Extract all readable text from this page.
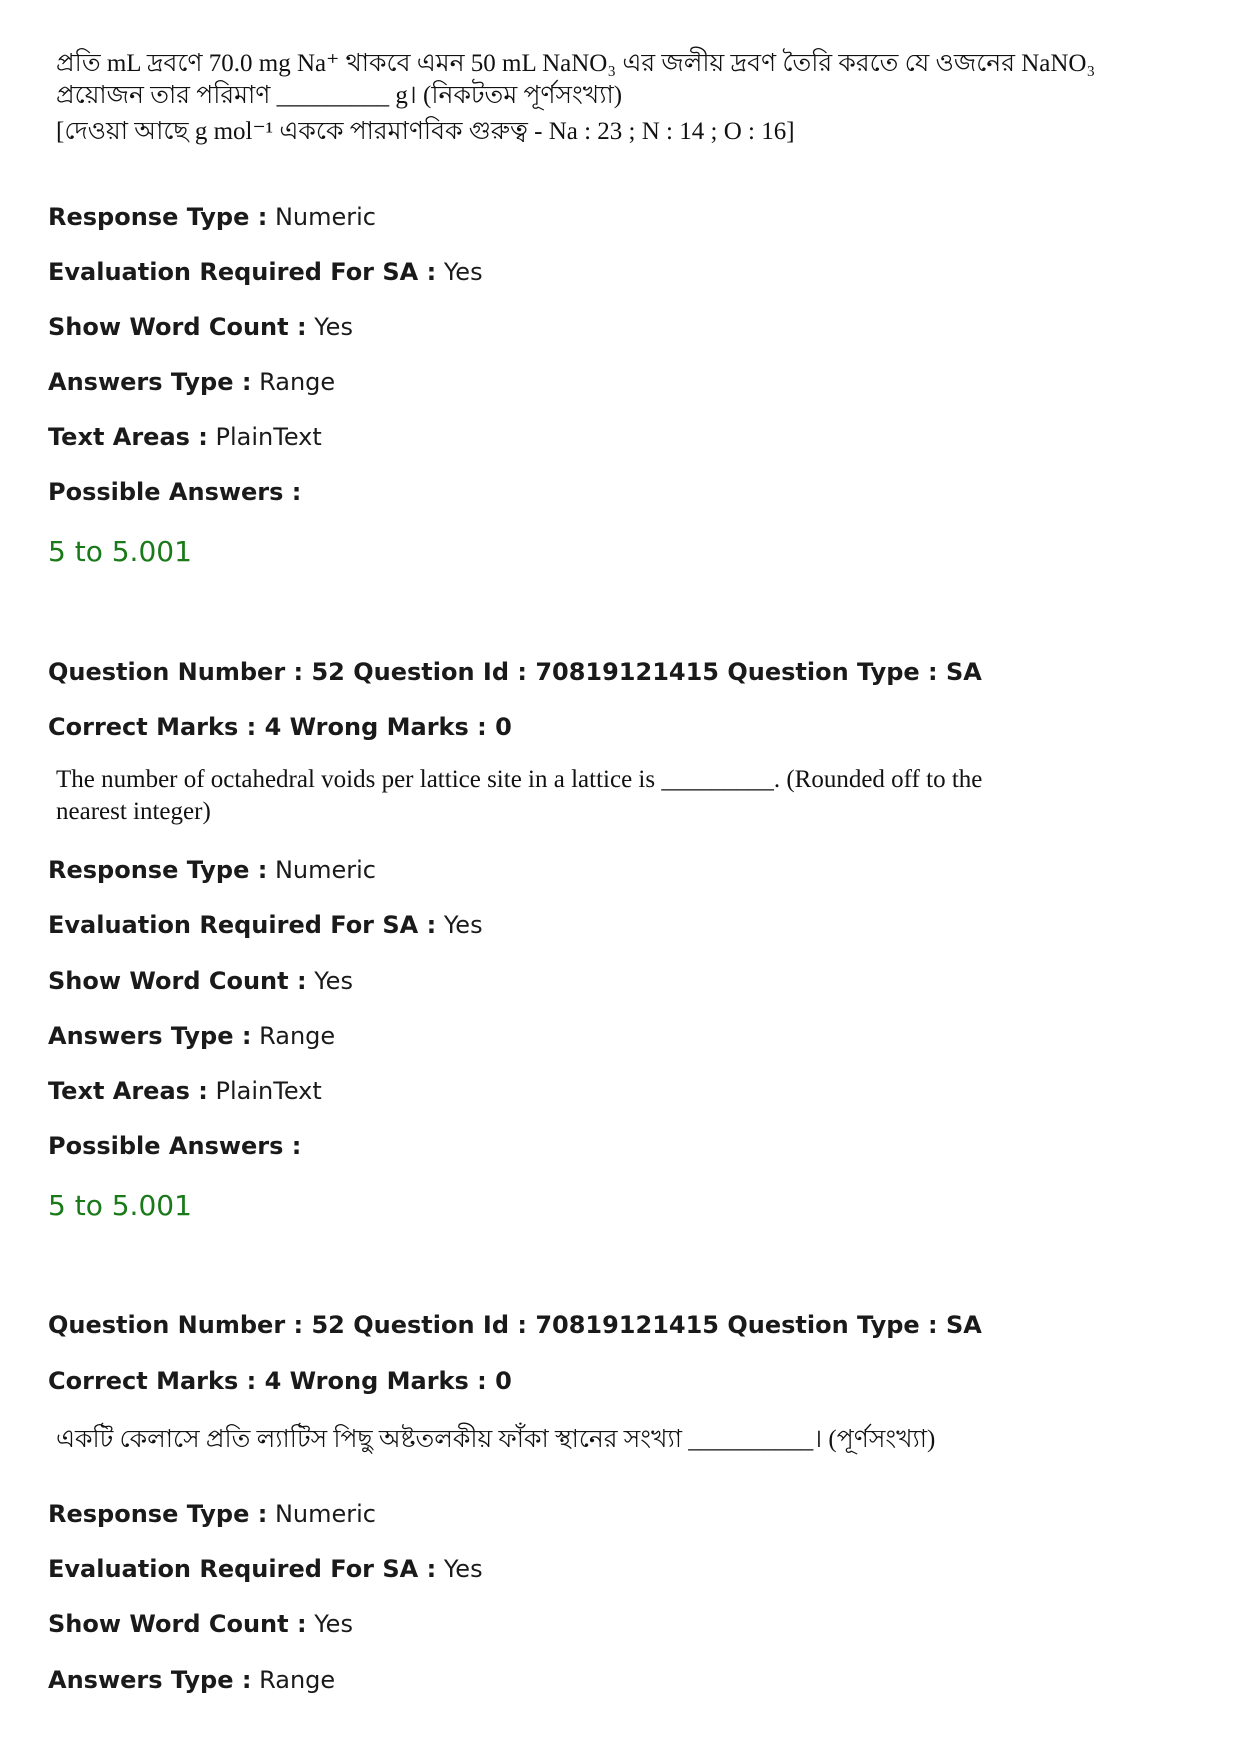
প্রতি mL দ্রবণে 70.0 mg Na⁺ থাকবে এমন 50 mL NaNO₃ এর জলীয় দ্রবণ তৈরি করতে যে ওজনের NaNO₃
প্রয়োজন তার পরিমাণ _________ g। (নিকটতম পূর্ণসংখ্যা)
[দেওয়া আছে g mol⁻¹ এককে পারমাণবিক গুরুত্ব - Na : 23 ; N : 14 ; O : 16]
Response Type : Numeric
Evaluation Required For SA : Yes
Show Word Count : Yes
Answers Type : Range
Text Areas : PlainText
Possible Answers :
5 to 5.001
Question Number : 52 Question Id : 70819121415 Question Type : SA
Correct Marks : 4 Wrong Marks : 0
The number of octahedral voids per lattice site in a lattice is _________. (Rounded off to the
nearest integer)
Response Type : Numeric
Evaluation Required For SA : Yes
Show Word Count : Yes
Answers Type : Range
Text Areas : PlainText
Possible Answers :
5 to 5.001
Question Number : 52 Question Id : 70819121415 Question Type : SA
Correct Marks : 4 Wrong Marks : 0
একটি কেলাসে প্রতি ল্যাটিস পিছু অষ্টতলকীয় ফাঁকা স্থানের সংখ্যা __________। (পূর্ণসংখ্যা)
Response Type : Numeric
Evaluation Required For SA : Yes
Show Word Count : Yes
Answers Type : Range
